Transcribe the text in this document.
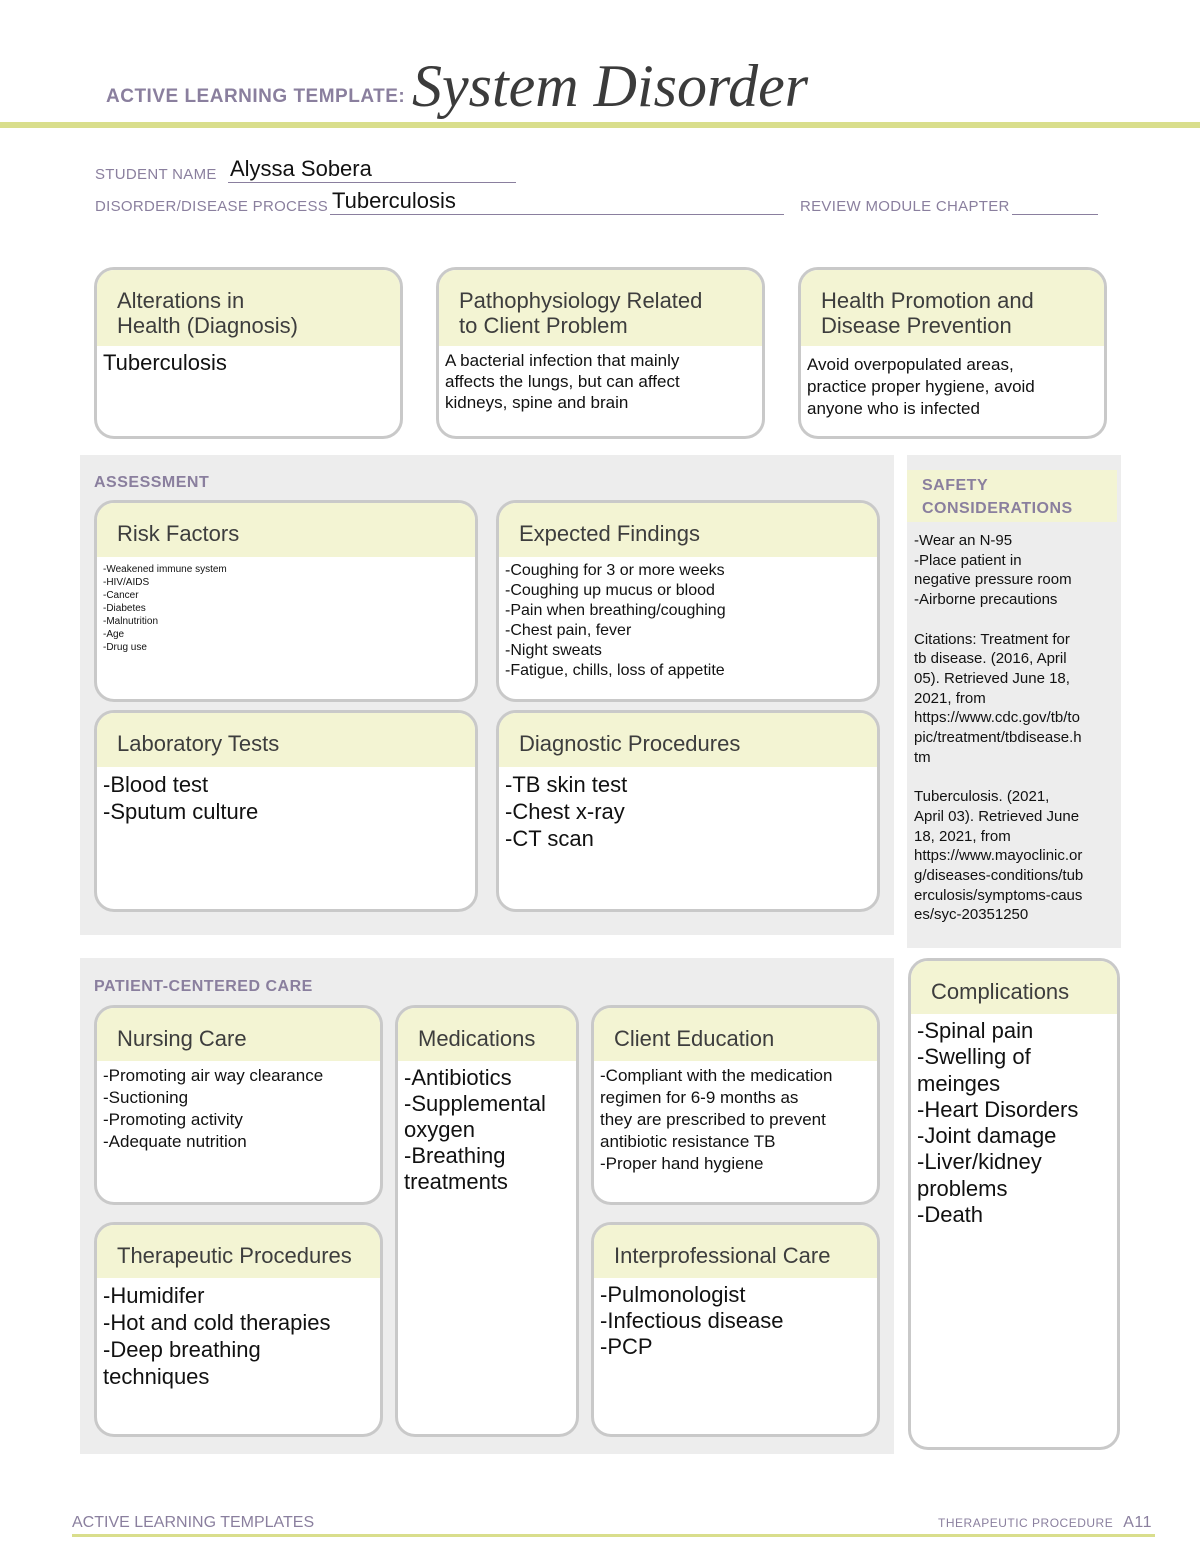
ACTIVE LEARNING TEMPLATE: System Disorder
STUDENT NAME Alyssa Sobera
DISORDER/DISEASE PROCESS Tuberculosis	REVIEW MODULE CHAPTER
Alterations in
Health (Diagnosis)
Tuberculosis
Pathophysiology Related
to Client Problem
A bacterial infection that mainly
affects the lungs, but can affect
kidneys, spine and brain
Health Promotion and
Disease Prevention
Avoid overpopulated areas,
practice proper hygiene, avoid
anyone who is infected
ASSESSMENT
Risk Factors
-Weakened immune system
-HIV/AIDS
-Cancer
-Diabetes
-Malnutrition
-Age
-Drug use
Expected Findings
-Coughing for 3 or more weeks
-Coughing up mucus or blood
-Pain when breathing/coughing
-Chest pain, fever
-Night sweats
-Fatigue, chills, loss of appetite
Laboratory Tests
-Blood test
-Sputum culture
Diagnostic Procedures
-TB skin test
-Chest x-ray
-CT scan
SAFETY
CONSIDERATIONS
-Wear an N-95
-Place patient in
negative pressure room
-Airborne precautions

Citations: Treatment for
tb disease. (2016, April
05). Retrieved June 18,
2021, from
https://www.cdc.gov/tb/to
pic/treatment/tbdisease.h
tm

Tuberculosis. (2021,
April 03). Retrieved June
18, 2021, from
https://www.mayoclinic.or
g/diseases-conditions/tub
erculosis/symptoms-caus
es/syc-20351250
PATIENT-CENTERED CARE
Nursing Care
-Promoting air way clearance
-Suctioning
-Promoting activity
-Adequate nutrition
Medications
-Antibiotics
-Supplemental
oxygen
-Breathing
treatments
Client Education
-Compliant with the medication
regimen for 6-9 months as
they are prescribed to prevent
antibiotic resistance TB
-Proper hand hygiene
Therapeutic Procedures
-Humidifer
-Hot and cold therapies
-Deep breathing
techniques
Interprofessional Care
-Pulmonologist
-Infectious disease
-PCP
Complications
-Spinal pain
-Swelling of
meinges
-Heart Disorders
-Joint damage
-Liver/kidney
problems
-Death
ACTIVE LEARNING TEMPLATES	THERAPEUTIC PROCEDURE A11
